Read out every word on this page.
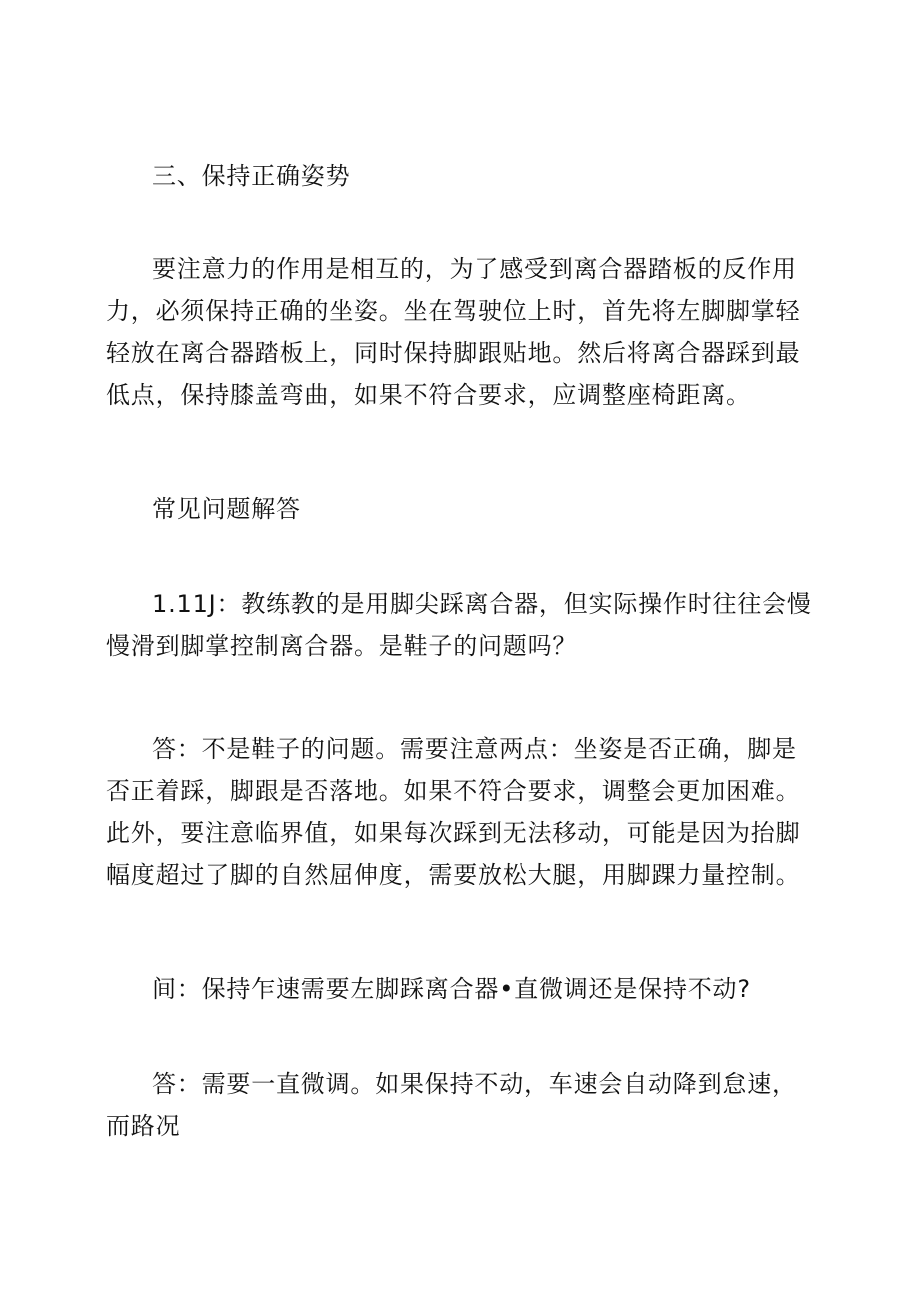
三、保持正确姿势

要注意力的作用是相互的，为了感受到离合器踏板的反作用力，必须保持正确的坐姿。坐在驾驶位上时，首先将左脚脚掌轻轻放在离合器踏板上，同时保持脚跟贴地。然后将离合器踩到最低点，保持膝盖弯曲，如果不符合要求，应调整座椅距离。

常见问题解答

1.11J：教练教的是用脚尖踩离合器，但实际操作时往往会慢慢滑到脚掌控制离合器。是鞋子的问题吗？

答：不是鞋子的问题。需要注意两点：坐姿是否正确，脚是否正着踩，脚跟是否落地。如果不符合要求，调整会更加困难。此外，要注意临界值，如果每次踩到无法移动，可能是因为抬脚幅度超过了脚的自然屈伸度，需要放松大腿，用脚踝力量控制。

间：保持乍速需要左脚踩离合器•直微调还是保持不动?

答：需要一直微调。如果保持不动，车速会自动降到怠速，而路况
